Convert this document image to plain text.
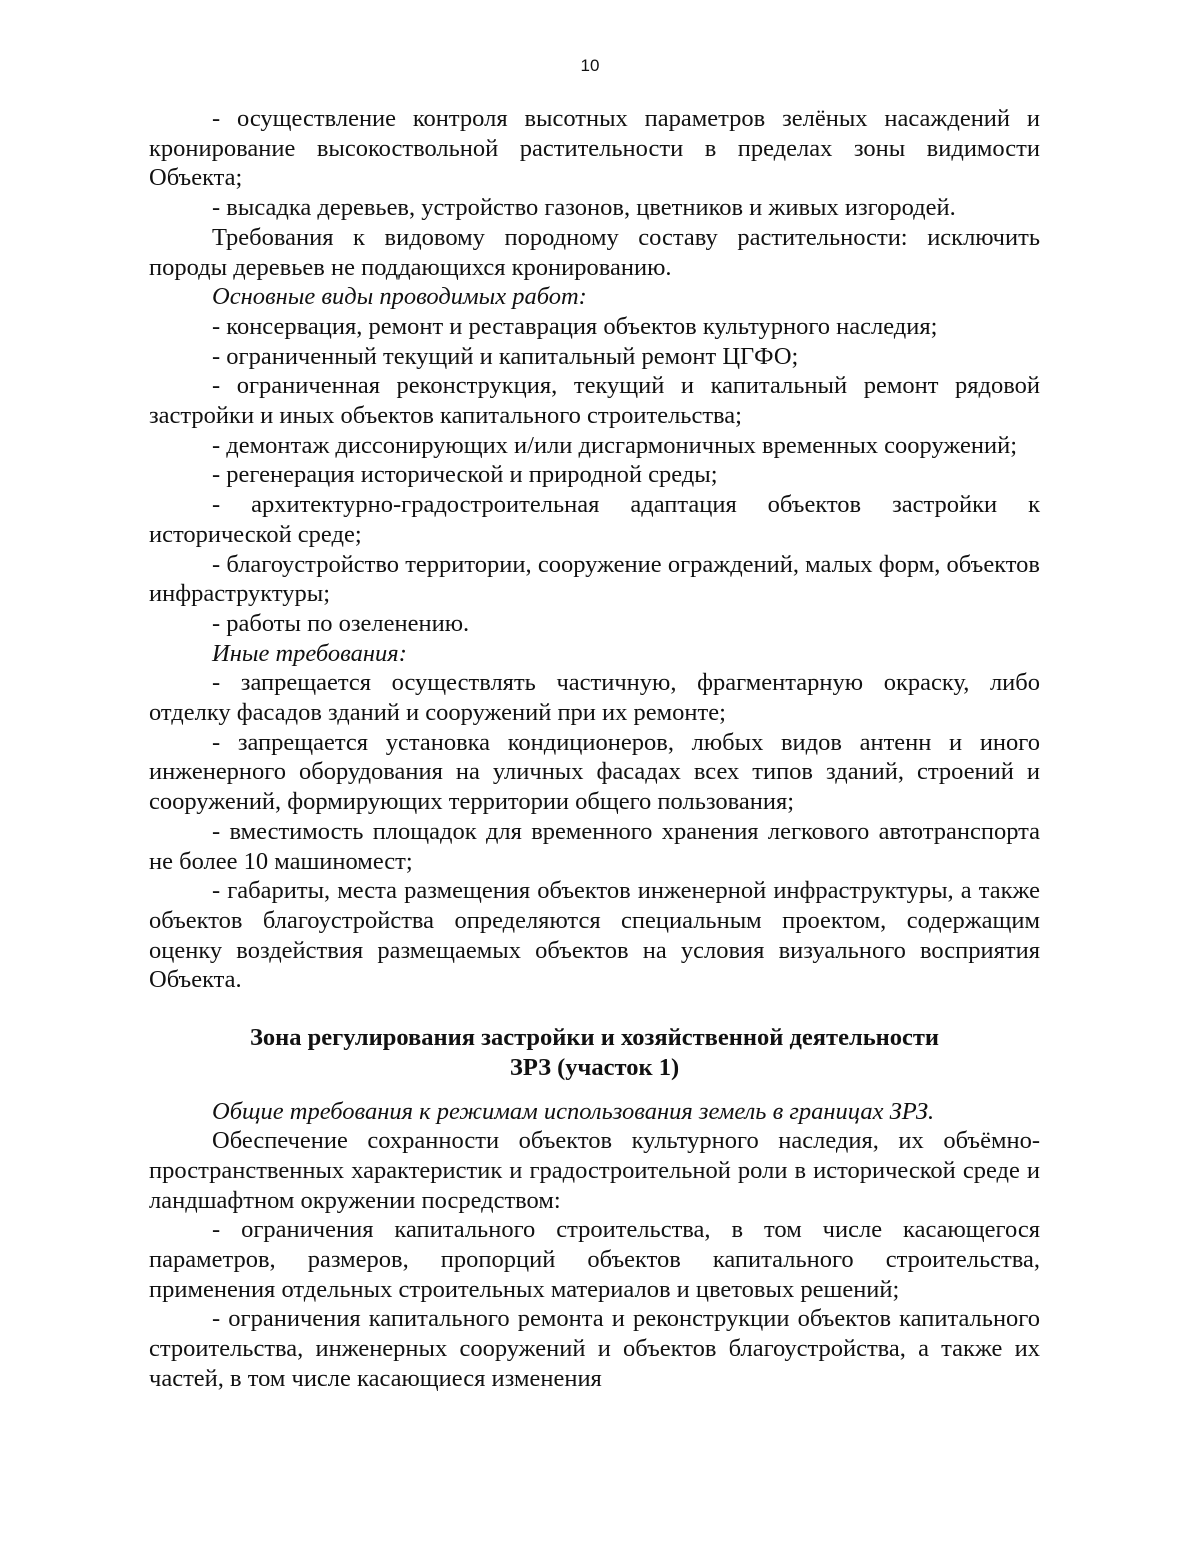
10

- осуществление контроля высотных параметров зелёных насаждений и кронирование высокоствольной растительности в пределах зоны видимости Объекта;

- высадка деревьев, устройство газонов, цветников и живых изгородей.

Требования к видовому породному составу растительности: исключить породы деревьев не поддающихся кронированию.

Основные виды проводимых работ:

- консервация, ремонт и реставрация объектов культурного наследия;

- ограниченный текущий и капитальный ремонт ЦГФО;

- ограниченная реконструкция, текущий и капитальный ремонт рядовой застройки и иных объектов капитального строительства;

- демонтаж диссонирующих и/или дисгармоничных временных сооружений;

- регенерация исторической и природной среды;

- архитектурно-градостроительная адаптация объектов застройки к исторической среде;

- благоустройство территории, сооружение ограждений, малых форм, объектов инфраструктуры;

- работы по озеленению.

Иные требования:

- запрещается осуществлять частичную, фрагментарную окраску, либо отделку фасадов зданий и сооружений при их ремонте;

- запрещается установка кондиционеров, любых видов антенн и иного инженерного оборудования на уличных фасадах всех типов зданий, строений и сооружений, формирующих территории общего пользования;

- вместимость площадок для временного хранения легкового автотранспорта не более 10 машиномест;

- габариты, места размещения объектов инженерной инфраструктуры, а также объектов благоустройства определяются специальным проектом, содержащим оценку воздействия размещаемых объектов на условия визуального восприятия Объекта.

Зона регулирования застройки и хозяйственной деятельности
ЗРЗ (участок 1)

Общие требования к режимам использования земель в границах ЗРЗ.

Обеспечение сохранности объектов культурного наследия, их объёмно-пространственных характеристик и градостроительной роли в исторической среде и ландшафтном окружении посредством:

- ограничения капитального строительства, в том числе касающегося параметров, размеров, пропорций объектов капитального строительства, применения отдельных строительных материалов и цветовых решений;

- ограничения капитального ремонта и реконструкции объектов капитального строительства, инженерных сооружений и объектов благоустройства, а также их частей, в том числе касающиеся изменения
